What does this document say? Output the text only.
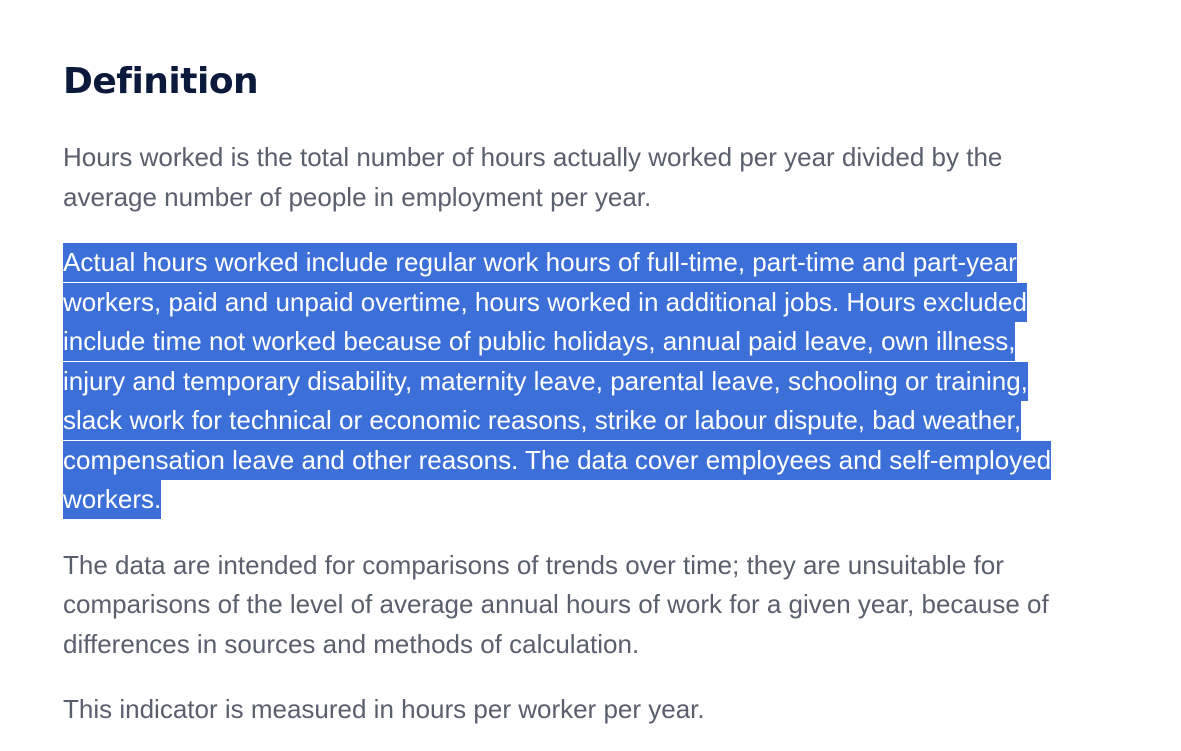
Definition

Hours worked is the total number of hours actually worked per year divided by the average number of people in employment per year.

Actual hours worked include regular work hours of full-time, part-time and part-year workers, paid and unpaid overtime, hours worked in additional jobs. Hours excluded include time not worked because of public holidays, annual paid leave, own illness, injury and temporary disability, maternity leave, parental leave, schooling or training, slack work for technical or economic reasons, strike or labour dispute, bad weather, compensation leave and other reasons. The data cover employees and self-employed workers.

The data are intended for comparisons of trends over time; they are unsuitable for comparisons of the level of average annual hours of work for a given year, because of differences in sources and methods of calculation.

This indicator is measured in hours per worker per year.
